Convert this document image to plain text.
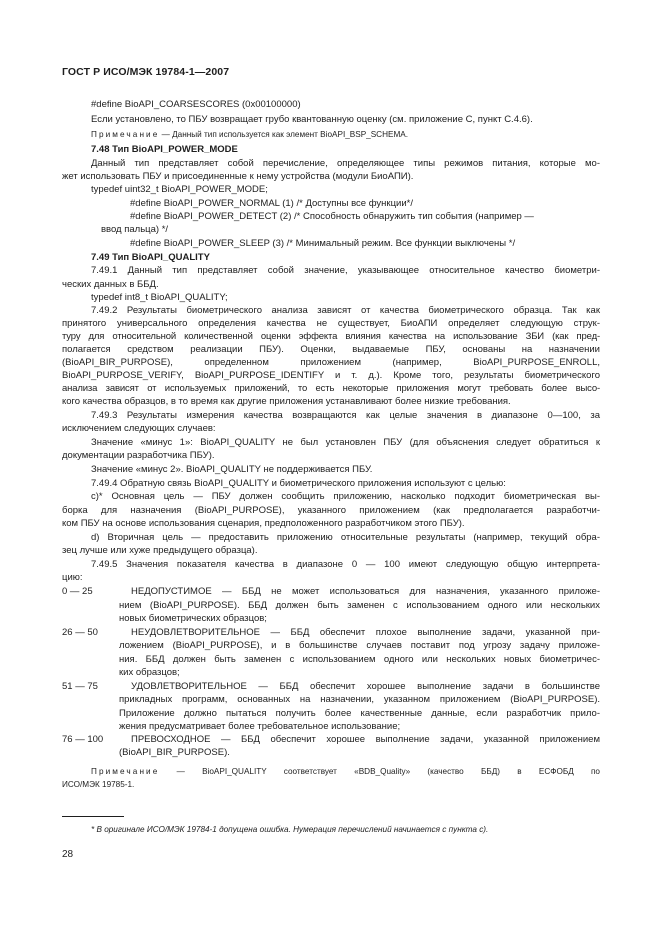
ГОСТ Р ИСО/МЭК 19784-1—2007
#define BioAPI_COARSESCORES (0x00100000)
Если установлено, то ПБУ возвращает грубо квантованную оценку (см. приложение С, пункт С.4.6).
Примечание — Данный тип используется как элемент BioAPI_BSP_SCHEMA.
7.48 Тип BioAPI_POWER_MODE
Данный тип представляет собой перечисление, определяющее типы режимов питания, которые мо-
жет использовать ПБУ и присоединенные к нему устройства (модули БиоАПИ).
typedef uint32_t BioAPI_POWER_MODE;
#define BioAPI_POWER_NORMAL (1) /* Доступны все функции*/
#define BioAPI_POWER_DETECT (2) /* Способность обнаружить тип события (например —
ввод пальца) */
#define BioAPI_POWER_SLEEP (3) /* Минимальный режим. Все функции выключены */
7.49 Тип BioAPI_QUALITY
7.49.1 Данный тип представляет собой значение, указывающее относительное качество биометри-
ческих данных в ББД.
typedef int8_t BioAPI_QUALITY;
7.49.2 Результаты биометрического анализа зависят от качества биометрического образца. Так как
принятого универсального определения качества не существует, БиоАПИ определяет следующую струк-
туру для относительной количественной оценки эффекта влияния качества на использование ЗБИ (как пред-
полагается средством реализации ПБУ). Оценки, выдаваемые ПБУ, основаны на назначении
(BioAPI_BIR_PURPOSE), определенном приложением (например, BioAPI_PURPOSE_ENROLL,
BioAPI_PURPOSE_VERIFY, BioAPI_PURPOSE_IDENTIFY и т. д.). Кроме того, результаты биометрического
анализа зависят от используемых приложений, то есть некоторые приложения могут требовать более высо-
кого качества образцов, в то время как другие приложения устанавливают более низкие требования.
7.49.3 Результаты измерения качества возвращаются как целые значения в диапазоне 0—100, за
исключением следующих случаев:
Значение «минус 1»: BioAPI_QUALITY не был установлен ПБУ (для объяснения следует обратиться к
документации разработчика ПБУ).
Значение «минус 2». BioAPI_QUALITY не поддерживается ПБУ.
7.49.4 Обратную связь BioAPI_QUALITY и биометрического приложения используют с целью:
с)* Основная цель — ПБУ должен сообщить приложению, насколько подходит биометрическая вы-
борка для назначения (BioAPI_PURPOSE), указанного приложением (как предполагается разработчи-
ком ПБУ на основе использования сценария, предположенного разработчиком этого ПБУ).
d) Вторичная цель — предоставить приложению относительные результаты (например, текущий обра-
зец лучше или хуже предыдущего образца).
7.49.5 Значения показателя качества в диапазоне 0 — 100 имеют следующую общую интерпрета-
цию:
0 — 25	НЕДОПУСТИМОЕ — ББД не может использоваться для назначения, указанного приложе-
нием (BioAPI_PURPOSE). ББД должен быть заменен с использованием одного или нескольких
новых биометрических образцов;
26 — 50	НЕУДОВЛЕТВОРИТЕЛЬНОЕ — ББД обеспечит плохое выполнение задачи, указанной при-
ложением (BioAPI_PURPOSE), и в большинстве случаев поставит под угрозу задачу приложе-
ния. ББД должен быть заменен с использованием одного или нескольких новых биометричес-
ких образцов;
51 — 75	УДОВЛЕТВОРИТЕЛЬНОЕ — ББД обеспечит хорошее выполнение задачи в большинстве
прикладных программ, основанных на назначении, указанном приложением (BioAPI_PURPOSE).
Приложение должно пытаться получить более качественные данные, если разработчик прило-
жения предусматривает более требовательное использование;
76 — 100	ПРЕВОСХОДНОЕ — ББД обеспечит хорошее выполнение задачи, указанной приложением
(BioAPI_BIR_PURPOSE).
Примечание — BioAPI_QUALITY соответствует «BDB_Quality» (качество ББД) в ЕСФОБД по
ИСО/МЭК 19785-1.
* В оригинале ИСО/МЭК 19784-1 допущена ошибка. Нумерация перечислений начинается с пункта с).
28
